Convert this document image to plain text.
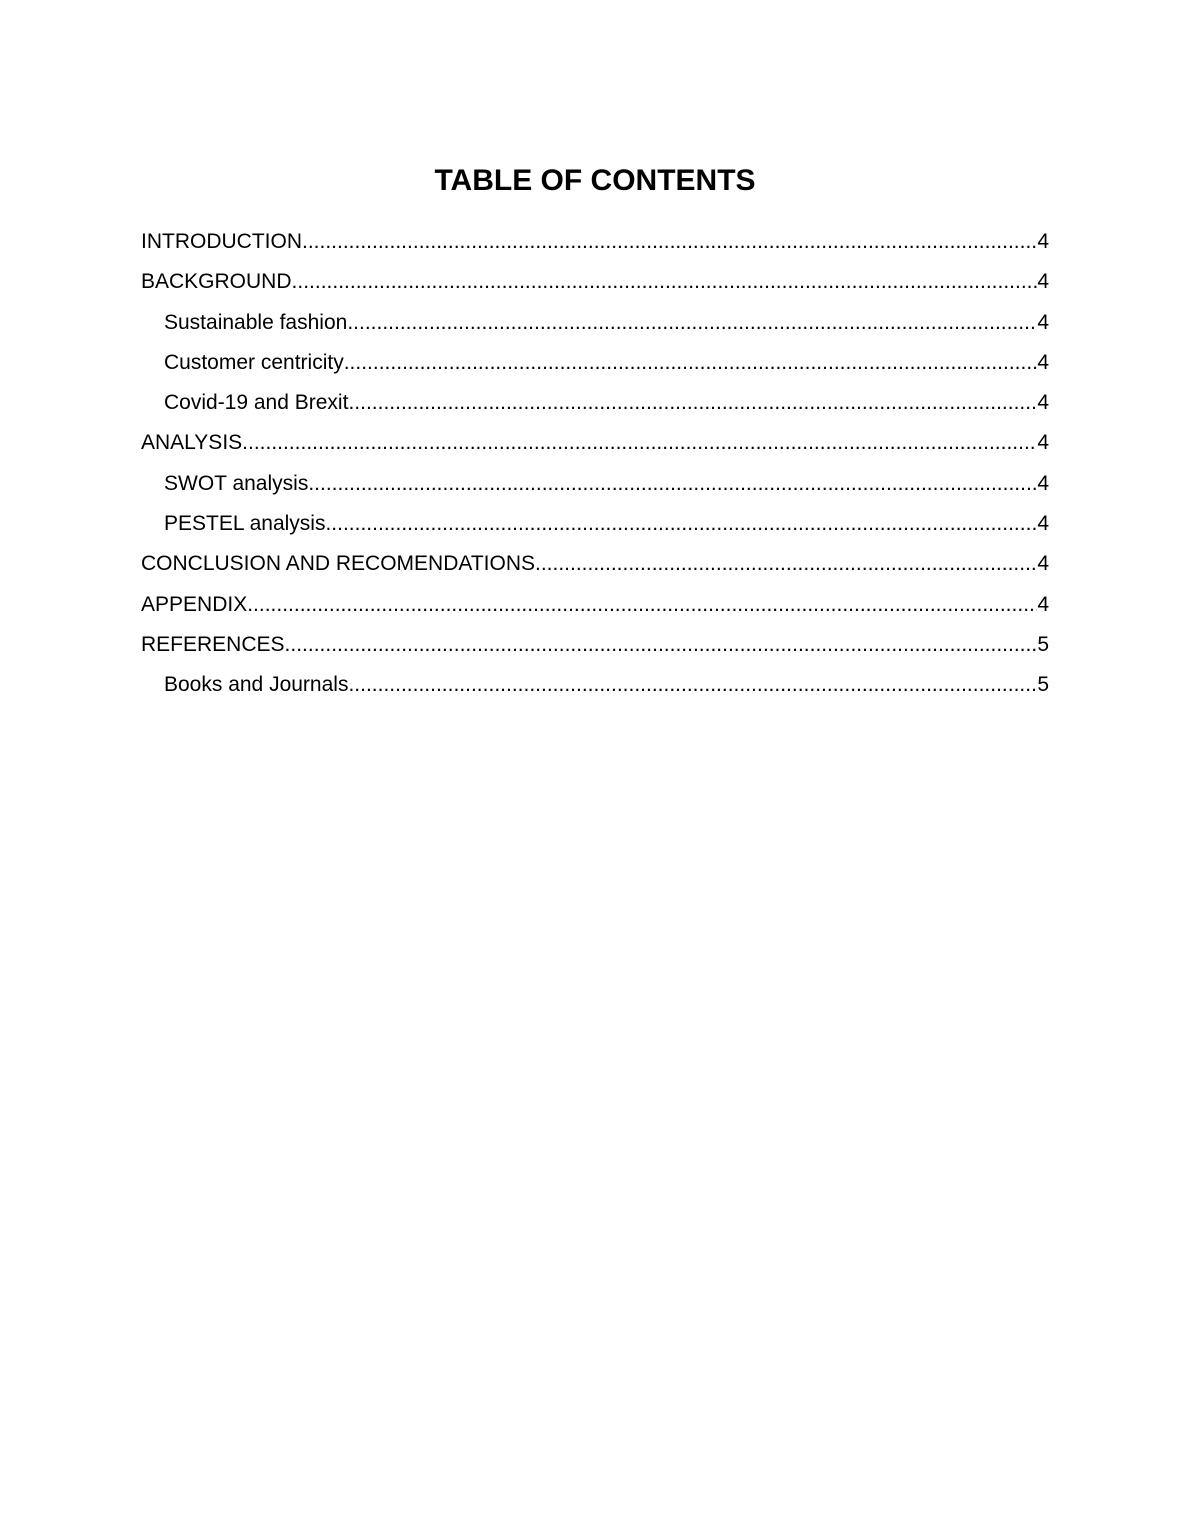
TABLE OF CONTENTS
INTRODUCTION .....	4
BACKGROUND .....	4
Sustainable fashion .....	4
Customer centricity .....	4
Covid-19 and Brexit .....	4
ANALYSIS .....	4
SWOT analysis .....	4
PESTEL analysis .....	4
CONCLUSION AND RECOMENDATIONS .....	4
APPENDIX .....	4
REFERENCES .....	5
Books and Journals .....	5
